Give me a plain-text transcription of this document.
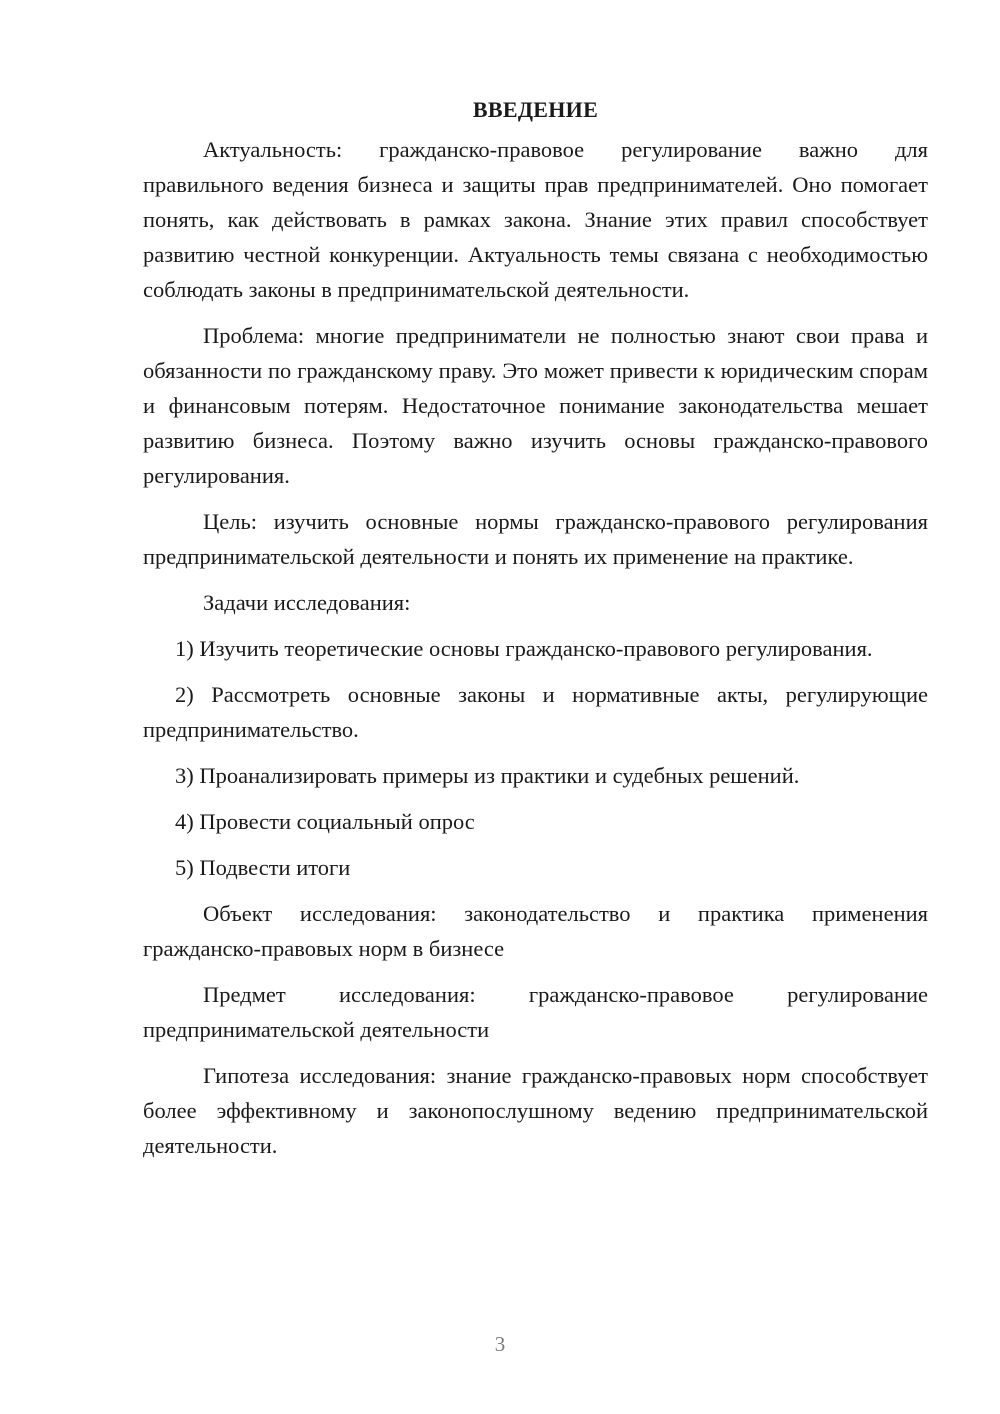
ВВЕДЕНИЕ

Актуальность: гражданско-правовое регулирование важно для правильного ведения бизнеса и защиты прав предпринимателей. Оно помогает понять, как действовать в рамках закона. Знание этих правил способствует развитию честной конкуренции. Актуальность темы связана с необходимостью соблюдать законы в предпринимательской деятельности.

Проблема: многие предприниматели не полностью знают свои права и обязанности по гражданскому праву. Это может привести к юридическим спорам и финансовым потерям. Недостаточное понимание законодательства мешает развитию бизнеса. Поэтому важно изучить основы гражданско-правового регулирования.

Цель: изучить основные нормы гражданско-правового регулирования предпринимательской деятельности и понять их применение на практике.

Задачи исследования:

1) Изучить теоретические основы гражданско-правового регулирования.

2) Рассмотреть основные законы и нормативные акты, регулирующие предпринимательство.

3) Проанализировать примеры из практики и судебных решений.

4) Провести социальный опрос

5) Подвести итоги

Объект исследования: законодательство и практика применения гражданско-правовых норм в бизнесе

Предмет исследования: гражданско-правовое регулирование предпринимательской деятельности

Гипотеза исследования: знание гражданско-правовых норм способствует более эффективному и законопослушному ведению предпринимательской деятельности.

3
